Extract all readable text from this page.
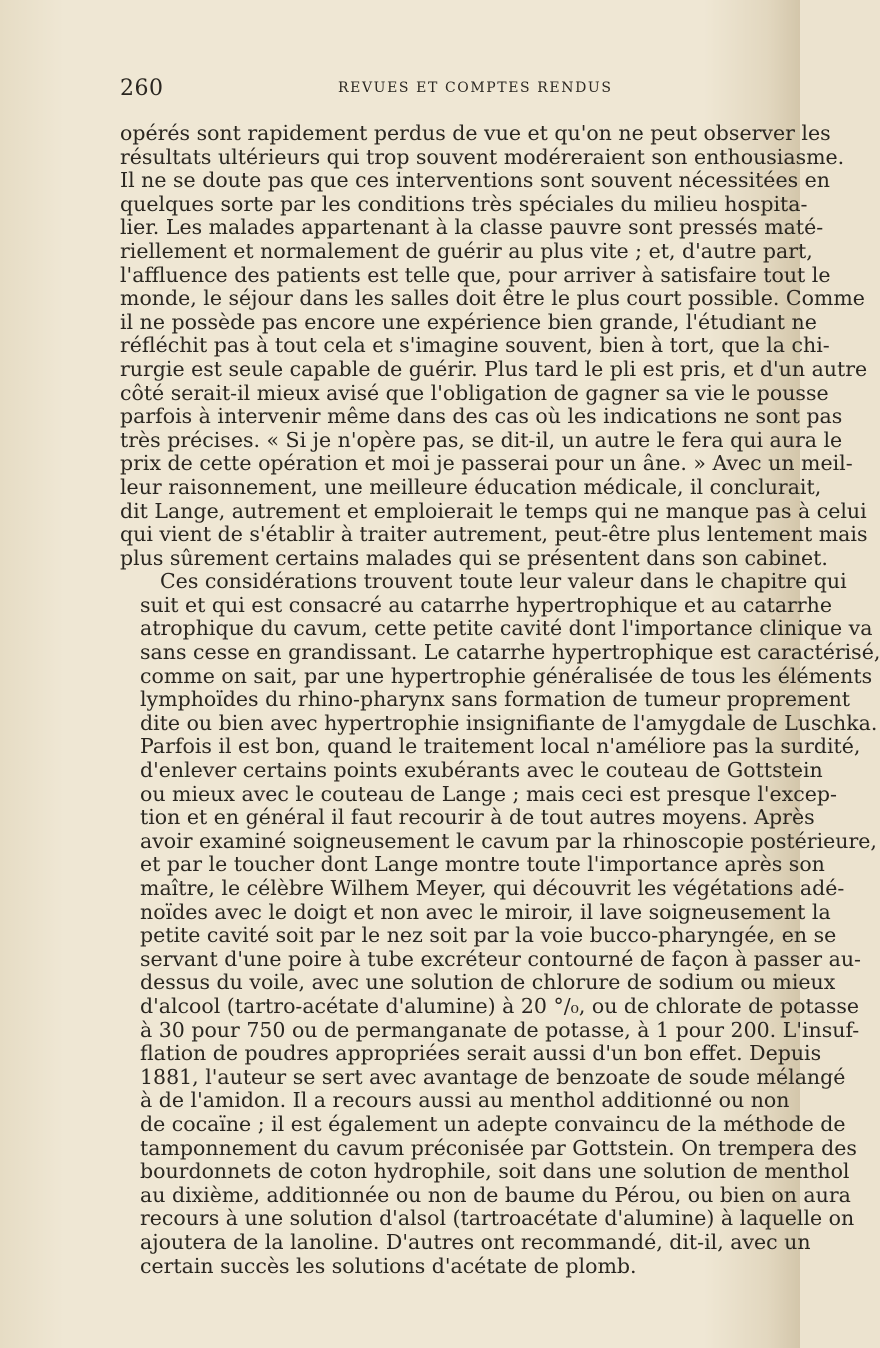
260	REVUES ET COMPTES RENDUS
opérés sont rapidement perdus de vue et qu'on ne peut observer les
résultats ultérieurs qui trop souvent modéreraient son enthousiasme.
Il ne se doute pas que ces interventions sont souvent nécessitées en
quelques sorte par les conditions très spéciales du milieu hospita-
lier. Les malades appartenant à la classe pauvre sont pressés maté-
riellement et normalement de guérir au plus vite ; et, d'autre part,
l'affluence des patients est telle que, pour arriver à satisfaire tout le
monde, le séjour dans les salles doit être le plus court possible. Comme
il ne possède pas encore une expérience bien grande, l'étudiant ne
réfléchit pas à tout cela et s'imagine souvent, bien à tort, que la chi-
rurgie est seule capable de guérir. Plus tard le pli est pris, et d'un autre
côté serait-il mieux avisé que l'obligation de gagner sa vie le pousse
parfois à intervenir même dans des cas où les indications ne sont pas
très précises. « Si je n'opère pas, se dit-il, un autre le fera qui aura le
prix de cette opération et moi je passerai pour un âne. » Avec un meil-
leur raisonnement, une meilleure éducation médicale, il conclurait,
dit Lange, autrement et emploierait le temps qui ne manque pas à celui
qui vient de s'établir à traiter autrement, peut-être plus lentement mais
plus sûrement certains malades qui se présentent dans son cabinet.
Ces considérations trouvent toute leur valeur dans le chapitre qui
suit et qui est consacré au catarrhe hypertrophique et au catarrhe
atrophique du cavum, cette petite cavité dont l'importance clinique va
sans cesse en grandissant. Le catarrhe hypertrophique est caractérisé,
comme on sait, par une hypertrophie généralisée de tous les éléments
lymphoïdes du rhino-pharynx sans formation de tumeur proprement
dite ou bien avec hypertrophie insignifiante de l'amygdale de Luschka.
Parfois il est bon, quand le traitement local n'améliore pas la surdité,
d'enlever certains points exubérants avec le couteau de Gottstein
ou mieux avec le couteau de Lange ; mais ceci est presque l'excep-
tion et en général il faut recourir à de tout autres moyens. Après
avoir examiné soigneusement le cavum par la rhinoscopie postérieure,
et par le toucher dont Lange montre toute l'importance après son
maître, le célèbre Wilhem Meyer, qui découvrit les végétations adé-
noïdes avec le doigt et non avec le miroir, il lave soigneusement la
petite cavité soit par le nez soit par la voie bucco-pharyngée, en se
servant d'une poire à tube excréteur contourné de façon à passer au-
dessus du voile, avec une solution de chlorure de sodium ou mieux
d'alcool (tartro-acétate d'alumine) à 20 °/₀, ou de chlorate de potasse
à 30 pour 750 ou de permanganate de potasse, à 1 pour 200. L'insuf-
flation de poudres appropriées serait aussi d'un bon effet. Depuis
1881, l'auteur se sert avec avantage de benzoate de soude mélangé
à de l'amidon. Il a recours aussi au menthol additionné ou non
de cocaïne ; il est également un adepte convaincu de la méthode de
tamponnement du cavum préconisée par Gottstein. On trempera des
bourdonnets de coton hydrophile, soit dans une solution de menthol
au dixième, additionnée ou non de baume du Pérou, ou bien on aura
recours à une solution d'alsol (tartroacétate d'alumine) à laquelle on
ajoutera de la lanoline. D'autres ont recommandé, dit-il, avec un
certain succès les solutions d'acétate de plomb.
